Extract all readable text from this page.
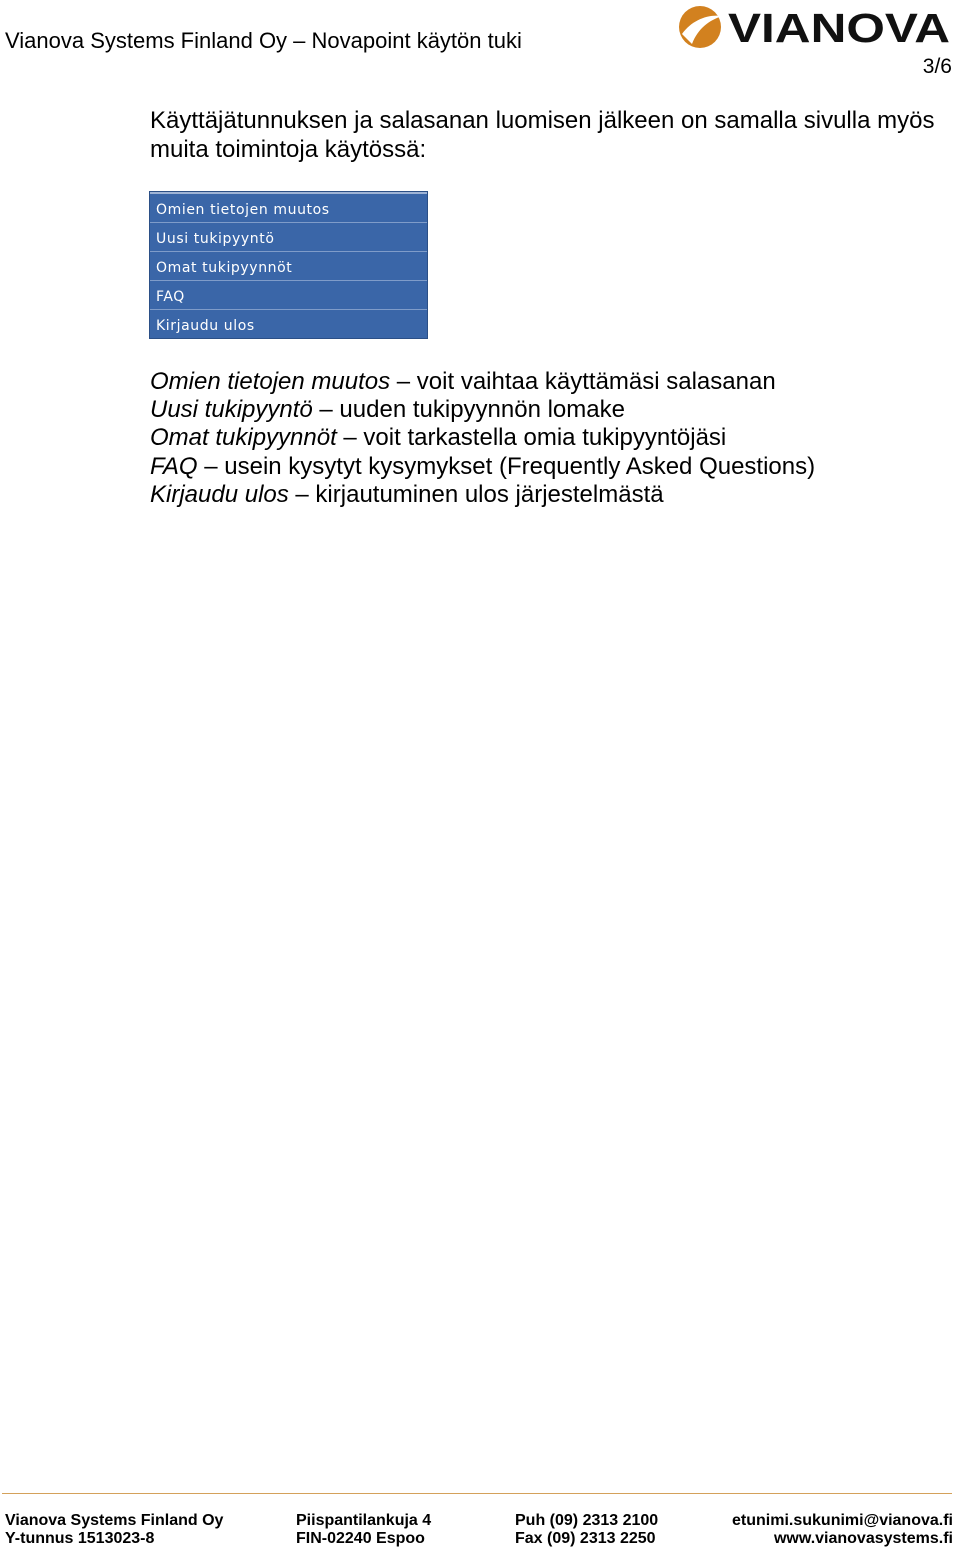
Vianova Systems Finland Oy – Novapoint käytön tuki	VIANOVA
3/6
Käyttäjätunnuksen ja salasanan luomisen jälkeen on samalla sivulla myös muita toimintoja käytössä:
Omien tietojen muutos
Uusi tukipyyntö
Omat tukipyynnöt
FAQ
Kirjaudu ulos
Omien tietojen muutos – voit vaihtaa käyttämäsi salasanan
Uusi tukipyyntö – uuden tukipyynnön lomake
Omat tukipyynnöt – voit tarkastella omia tukipyyntöjäsi
FAQ – usein kysytyt kysymykset (Frequently Asked Questions)
Kirjaudu ulos – kirjautuminen ulos järjestelmästä
Vianova Systems Finland Oy
Y-tunnus 1513023-8
Piispantilankuja 4
FIN-02240 Espoo
Puh (09) 2313 2100
Fax (09) 2313 2250
etunimi.sukunimi@vianova.fi
www.vianovasystems.fi
